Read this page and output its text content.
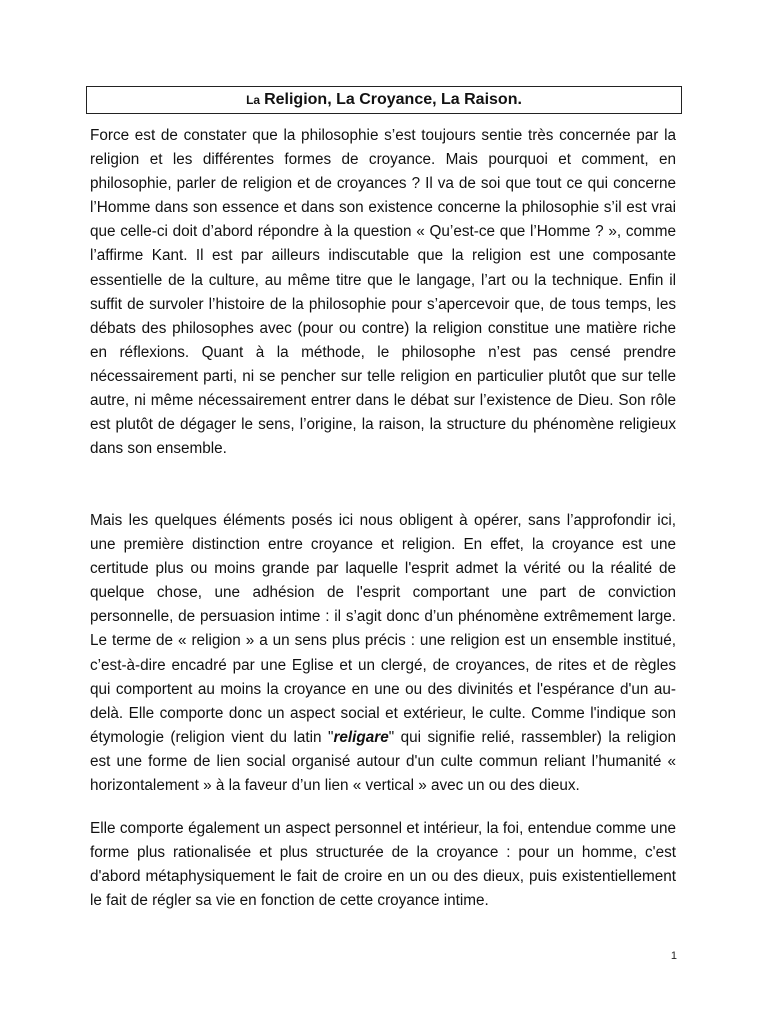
La Religion, La Croyance, La Raison.

Force est de constater que la philosophie s’est toujours sentie très concernée par la religion et les différentes formes de croyance. Mais pourquoi et comment, en philosophie, parler de religion et de croyances ? Il va de soi que tout ce qui concerne l’Homme dans son essence et dans son existence concerne la philosophie s’il est vrai que celle-ci doit d’abord répondre à la question « Qu’est-ce que l’Homme ? », comme l’affirme Kant. Il est par ailleurs indiscutable que la religion est une composante essentielle de la culture, au même titre que le langage, l’art ou la technique. Enfin il suffit de survoler l’histoire de la philosophie pour s’apercevoir que, de tous temps, les débats des philosophes avec (pour ou contre) la religion constitue une matière riche en réflexions. Quant à la méthode, le philosophe n’est pas censé prendre nécessairement parti, ni se pencher sur telle religion en particulier plutôt que sur telle autre, ni même nécessairement entrer dans le débat sur l’existence de Dieu. Son rôle est plutôt de dégager le sens, l’origine, la raison, la structure du phénomène religieux dans son ensemble.

Mais les quelques éléments posés ici nous obligent à opérer, sans l’approfondir ici, une première distinction entre croyance et religion. En effet, la croyance est une certitude plus ou moins grande par laquelle l'esprit admet la vérité ou la réalité de quelque chose, une adhésion de l'esprit comportant une part de conviction personnelle, de persuasion intime : il s’agit donc d’un phénomène extrêmement large. Le terme de « religion » a un sens plus précis : une religion est un ensemble institué, c’est-à-dire encadré par une Eglise et un clergé, de croyances, de rites et de règles qui comportent au moins la croyance en une ou des divinités et l'espérance d'un au-delà. Elle comporte donc un aspect social et extérieur, le culte. Comme l'indique son étymologie (religion vient du latin "religare" qui signifie relié, rassembler) la religion est une forme de lien social organisé autour d'un culte commun reliant l’humanité « horizontalement » à la faveur d’un lien « vertical » avec un ou des dieux.

Elle comporte également un aspect personnel et intérieur, la foi, entendue comme une forme plus rationalisée et plus structurée de la croyance : pour un homme, c'est d'abord métaphysiquement le fait de croire en un ou des dieux, puis existentiellement le fait de régler sa vie en fonction de cette croyance intime.

1
